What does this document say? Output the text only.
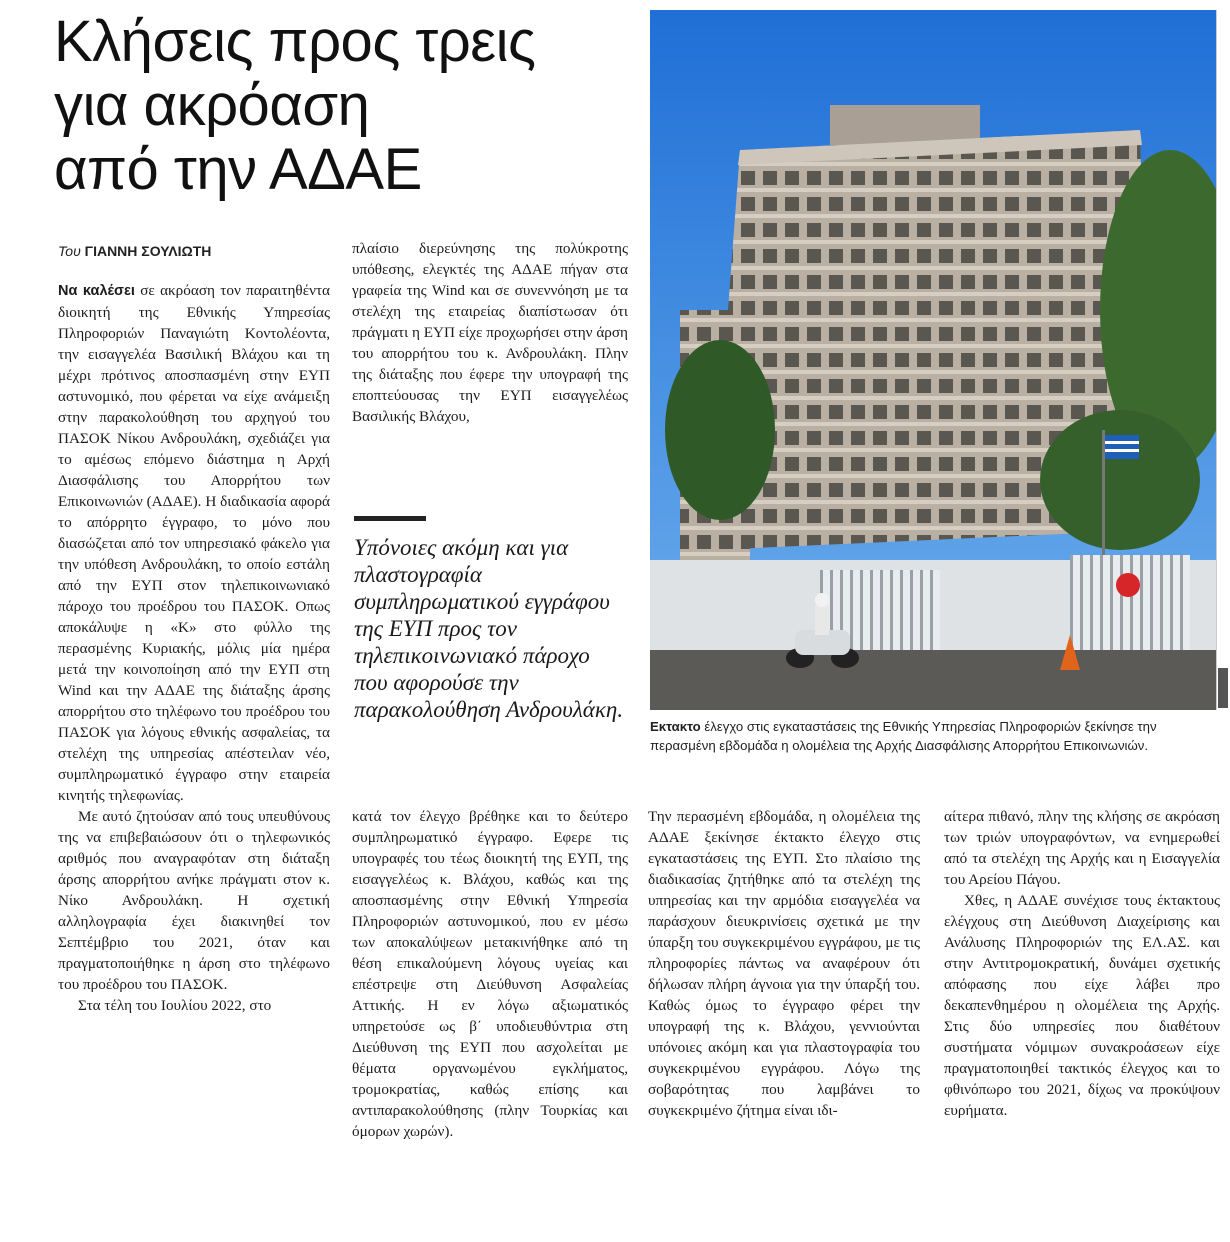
Κλήσεις προς τρεις
για ακρόαση
από την ΑΔΑΕ
Του ΓΙΑΝΝΗ ΣΟΥΛΙΩΤΗ

Να καλέσει σε ακρόαση τον παραιτηθέντα διοικητή της Εθνικής Υπηρεσίας Πληροφοριών Παναγιώτη Κοντολέοντα, την εισαγγελέα Βασιλική Βλάχου και τη μέχρι πρότινος αποσπασμένη στην ΕΥΠ αστυνομικό, που φέρεται να είχε ανάμειξη στην παρακολούθηση του αρχηγού του ΠΑΣΟΚ Νίκου Ανδρουλάκη, σχεδιάζει για το αμέσως επόμενο διάστημα η Αρχή Διασφάλισης του Απορρήτου των Επικοινωνιών (ΑΔΑΕ). Η διαδικασία αφορά το απόρρητο έγγραφο, το μόνο που διασώζεται από τον υπηρεσιακό φάκελο για την υπόθεση Ανδρουλάκη, το οποίο εστάλη από την ΕΥΠ στον τηλεπικοινωνιακό πάροχο του προέδρου του ΠΑΣΟΚ. Οπως αποκάλυψε η «Κ» στο φύλλο της περασμένης Κυριακής, μόλις μία ημέρα μετά την κοινοποίηση από την ΕΥΠ στη Wind και την ΑΔΑΕ της διάταξης άρσης απορρήτου στο τηλέφωνο του προέδρου του ΠΑΣΟΚ για λόγους εθνικής ασφαλείας, τα στελέχη της υπηρεσίας απέστειλαν νέο, συμπληρωματικό έγγραφο στην εταιρεία κινητής τηλεφωνίας.

Με αυτό ζητούσαν από τους υπευθύνους της να επιβεβαιώσουν ότι ο τηλεφωνικός αριθμός που αναγραφόταν στη διάταξη άρσης απορρήτου ανήκε πράγματι στον κ. Νίκο Ανδρουλάκη. Η σχετική αλληλογραφία έχει διακινηθεί τον Σεπτέμβριο του 2021, όταν και πραγματοποιήθηκε η άρση στο τηλέφωνο του προέδρου του ΠΑΣΟΚ.

Στα τέλη του Ιουλίου 2022, στο

πλαίσιο διερεύνησης της πολύκροτης υπόθεσης, ελεγκτές της ΑΔΑΕ πήγαν στα γραφεία της Wind και σε συνεννόηση με τα στελέχη της εταιρείας διαπίστωσαν ότι πράγματι η ΕΥΠ είχε προχωρήσει στην άρση του απορρήτου του κ. Ανδρουλάκη. Πλην της διάταξης που έφερε την υπογραφή της εποπτεύουσας την ΕΥΠ εισαγγελέως Βασιλικής Βλάχου,

Υπόνοιες ακόμη και για πλαστογραφία συμπληρωματικού εγγράφου της ΕΥΠ προς τον τηλεπικοινωνιακό πάροχο που αφορούσε την παρακολούθηση Ανδρουλάκη.

κατά τον έλεγχο βρέθηκε και το δεύτερο συμπληρωματικό έγγραφο. Εφερε τις υπογραφές του τέως διοικητή της ΕΥΠ, της εισαγγελέως κ. Βλάχου, καθώς και της αποσπασμένης στην Εθνική Υπηρεσία Πληροφοριών αστυνομικού, που εν μέσω των αποκαλύψεων μετακινήθηκε από τη θέση επικαλούμενη λόγους υγείας και επέστρεψε στη Διεύθυνση Ασφαλείας Αττικής. Η εν λόγω αξιωματικός υπηρετούσε ως β΄ υποδιευθύντρια στη Διεύθυνση της ΕΥΠ που ασχολείται με θέματα οργανωμένου εγκλήματος, τρομοκρατίας, καθώς επίσης και αντιπαρακολούθησης (πλην Τουρκίας και όμορων χωρών).

Την περασμένη εβδομάδα, η ολομέλεια της ΑΔΑΕ ξεκίνησε έκτακτο έλεγχο στις εγκαταστάσεις της ΕΥΠ. Στο πλαίσιο της διαδικασίας ζητήθηκε από τα στελέχη της υπηρεσίας και την αρμόδια εισαγγελέα να παράσχουν διευκρινίσεις σχετικά με την ύπαρξη του συγκεκριμένου εγγράφου, με τις πληροφορίες πάντως να αναφέρουν ότι δήλωσαν πλήρη άγνοια για την ύπαρξή του. Καθώς όμως το έγγραφο φέρει την υπογραφή της κ. Βλάχου, γεννιούνται υπόνοιες ακόμη και για πλαστογραφία του συγκεκριμένου εγγράφου. Λόγω της σοβαρότητας που λαμβάνει το συγκεκριμένο ζήτημα είναι ιδι-

αίτερα πιθανό, πλην της κλήσης σε ακρόαση των τριών υπογραφόντων, να ενημερωθεί από τα στελέχη της Αρχής και η Εισαγγελία του Αρείου Πάγου.

Χθες, η ΑΔΑΕ συνέχισε τους έκτακτους ελέγχους στη Διεύθυνση Διαχείρισης και Ανάλυσης Πληροφοριών της ΕΛ.ΑΣ. και στην Αντιτρομοκρατική, δυνάμει σχετικής απόφασης που είχε λάβει προ δεκαπενθημέρου η ολομέλεια της Αρχής. Στις δύο υπηρεσίες που διαθέτουν συστήματα νόμιμων συνακροάσεων είχε πραγματοποιηθεί τακτικός έλεγχος και το φθινόπωρο του 2021, δίχως να προκύψουν ευρήματα.

Εκτακτο έλεγχο στις εγκαταστάσεις της Εθνικής Υπηρεσίας Πληροφοριών ξεκίνησε την περασμένη εβδομάδα η ολομέλεια της Αρχής Διασφάλισης Απορρήτου Επικοινωνιών.
